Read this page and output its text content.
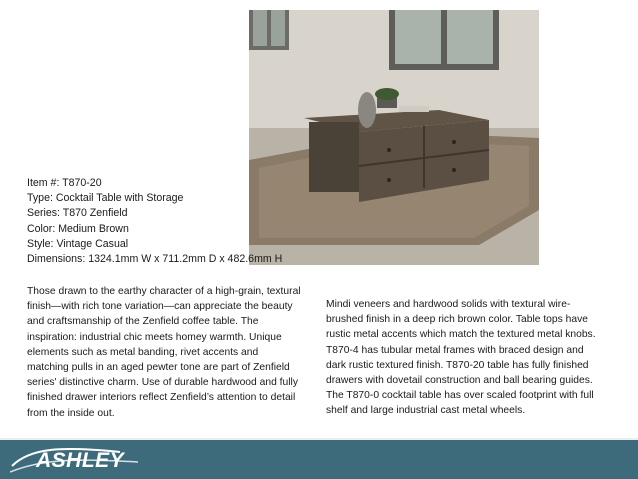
Item #: T870-20
Type: Cocktail Table with Storage
Series: T870 Zenfield
Color: Medium Brown
Style: Vintage Casual
Dimensions: 1324.1mm W x 711.2mm D x 482.6mm H
Those drawn to the earthy character of a high-grain, textural finish—with rich tone variation—can appreciate the beauty and craftsmanship of the Zenfield coffee table. The inspiration: industrial chic meets homey warmth. Unique elements such as metal banding, rivet accents and matching pulls in an aged pewter tone are part of Zenfield series' distinctive charm. Use of durable hardwood and fully finished drawer interiors reflect Zenfield’s attention to detail from the inside out.
Mindi veneers and hardwood solids with textural wire-brushed finish in a deep rich brown color. Table tops have rustic metal accents which match the textured metal knobs. T870-4 has tubular metal frames with braced design and dark rustic textured finish. T870-20 table has fully finished drawers with dovetail construction and ball bearing guides. The T870-0 cocktail table has over scaled footprint with full shelf and large industrial cast metal wheels.
ASHLEY
